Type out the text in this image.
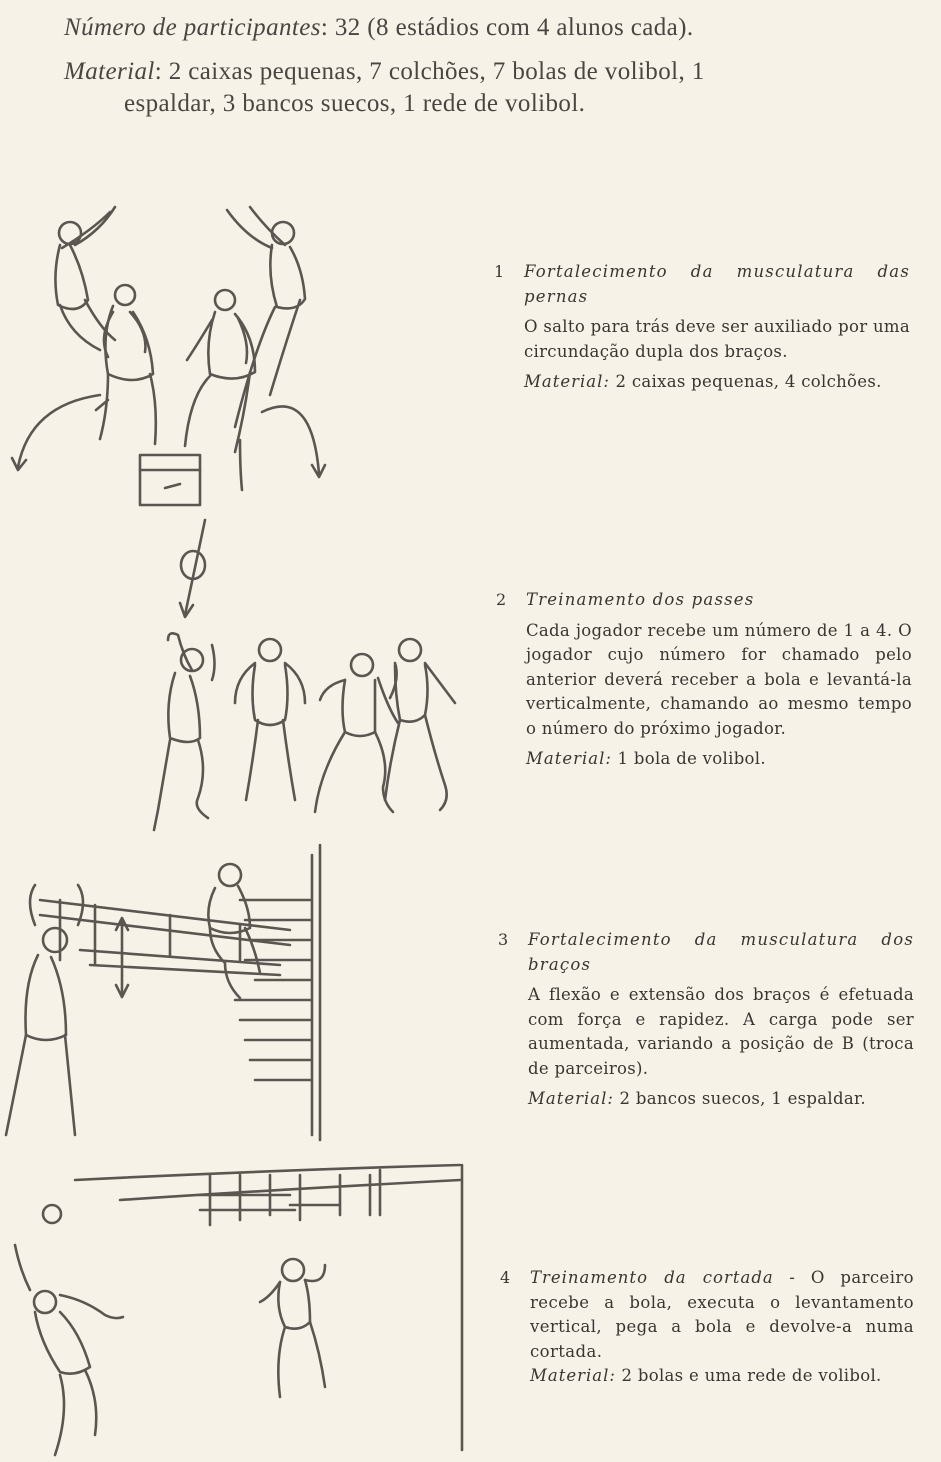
Número de participantes: 32 (8 estádios com 4 alunos cada).
Material: 2 caixas pequenas, 7 colchões, 7 bolas de volibol, 1
espaldar, 3 bancos suecos, 1 rede de volibol.
1 Fortalecimento da musculatura das pernas
O salto para trás deve ser auxiliado por uma circundação dupla dos braços.
Material: 2 caixas pequenas, 4 colchões.
2 Treinamento dos passes
Cada jogador recebe um número de 1 a 4. O jogador cujo número for chamado pelo anterior deverá receber a bola e levantá-la verticalmente, chamando ao mesmo tempo o número do próximo jogador.
Material: 1 bola de volibol.
3 Fortalecimento da musculatura dos braços
A flexão e extensão dos braços é efetuada com força e rapidez. A carga pode ser aumentada, variando a posição de B (troca de parceiros).
Material: 2 bancos suecos, 1 espaldar.
4 Treinamento da cortada - O parceiro recebe a bola, executa o levantamento vertical, pega a bola e devolve-a numa cortada.
Material: 2 bolas e uma rede de volibol.
